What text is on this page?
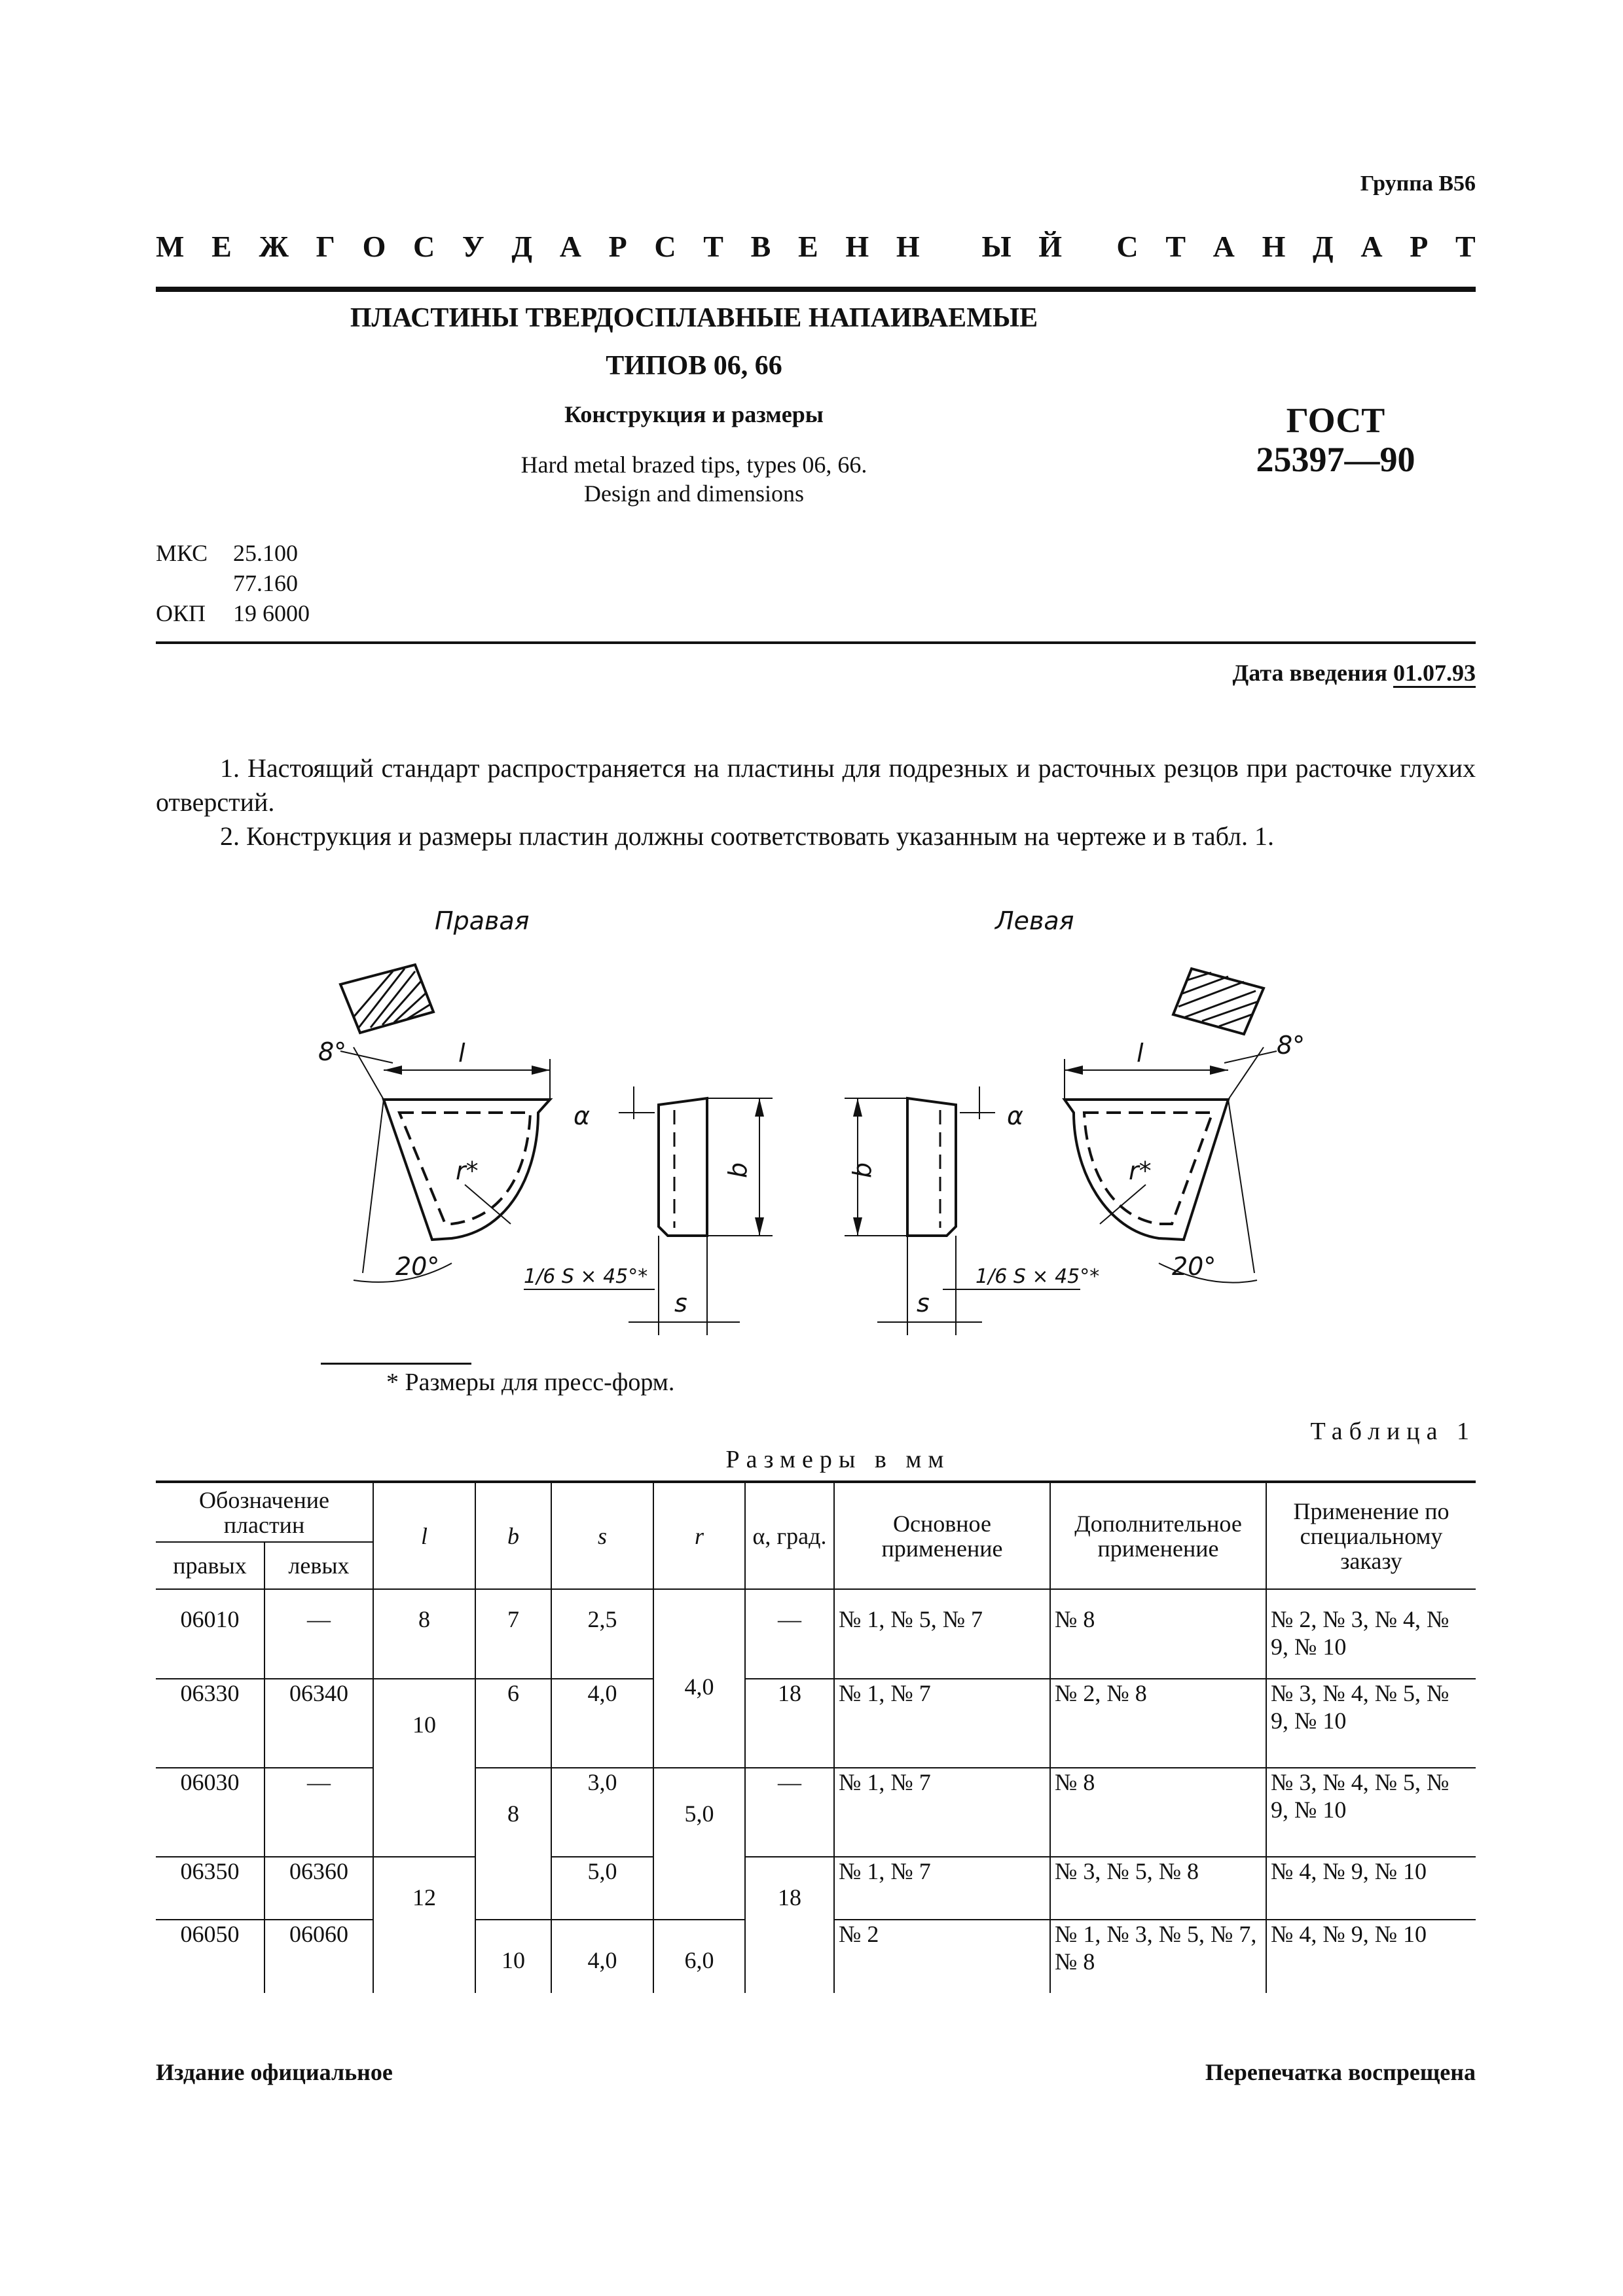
Группа В56
М Е Ж Г О С У Д А Р С Т В Е Н Н
Ы Й С Т А Н Д А Р Т
ПЛАСТИНЫ ТВЕРДОСПЛАВНЫЕ НАПАИВАЕМЫЕ
ТИПОВ 06, 66
Конструкция и размеры
Hard metal brazed tips, types 06, 66.
Design and dimensions
ГОСТ
25397—90
МКС	25.100
77.160
ОКП	19 6000
Дата введения 01.07.93

1. Настоящий стандарт распространяется на пластины для подрезных и расточных резцов при расточке глухих отверстий.

2. Конструкция и размеры пластин должны соответствовать указанным на чертеже и в табл. 1.

Правая	Левая
8°	8°
l	l
r*	r*
20°	20°
α	α
b	b
s	s
1/6 S × 45°*	1/6 S × 45°*
* Размеры для пресс-форм.
Таблица 1
Размеры в мм
Обозначение пластин		l	b	s	r	α, град.	Основное применение	Дополнительное применение	Применение по специальному заказу
правых	левых								

06010	—	8	7	2,5	4,0	—	№ 1, № 5, № 7	№ 8	№ 2, № 3, № 4, № 9, № 10
06330	06340	10	6	4,0		18	№ 1, № 7	№ 2, № 8	№ 3, № 4, № 5, № 9, № 10
06030	—		8	3,0	5,0	—	№ 1, № 7	№ 8	№ 3, № 4, № 5, № 9, № 10
06350	06360	12		5,0		18	№ 1, № 7	№ 3, № 5, № 8	№ 4, № 9, № 10
06050	06060		10	4,0	6,0		№ 2	№ 1, № 3, № 5, № 7, № 8	№ 4, № 9, № 10
Издание официальное	Перепечатка воспрещена
